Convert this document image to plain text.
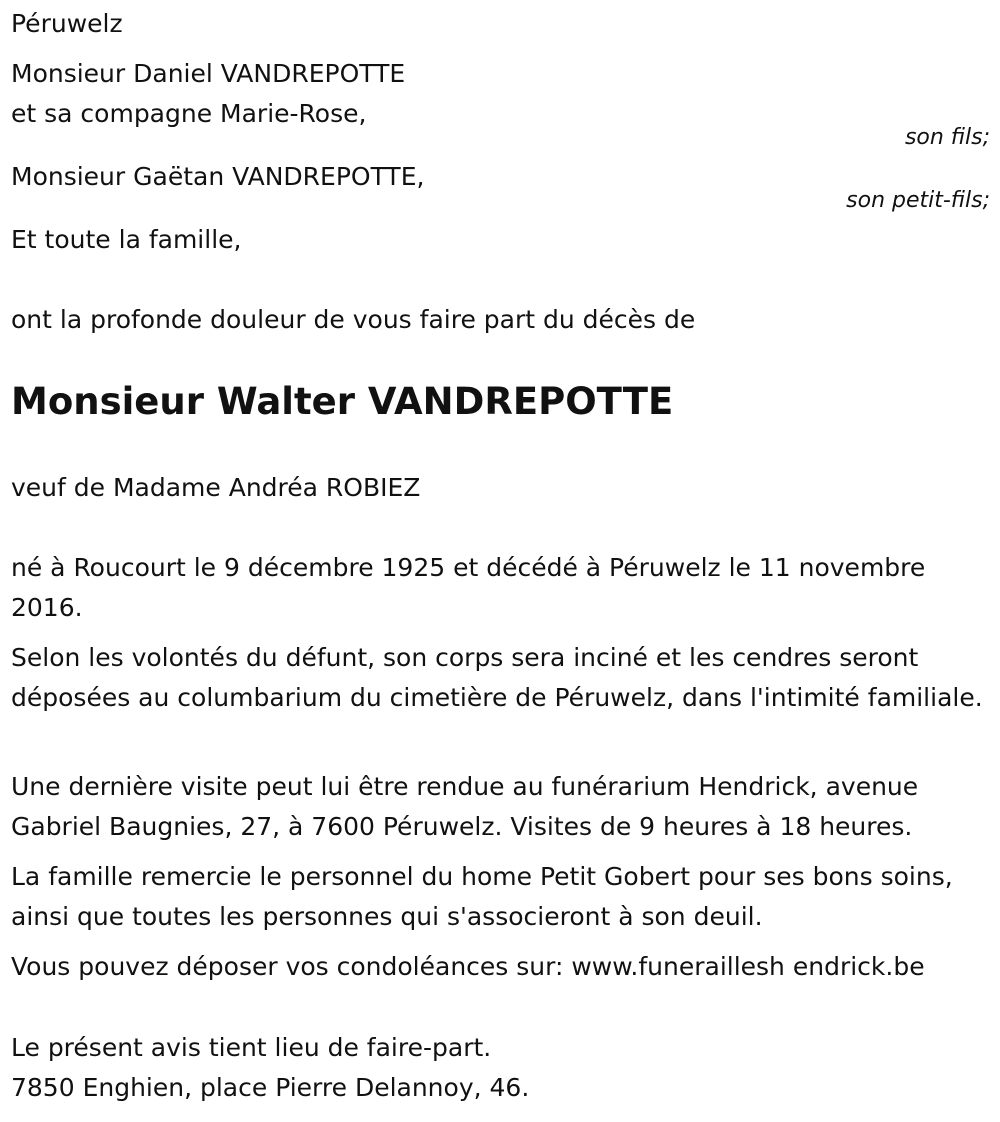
Péruwelz

Monsieur Daniel VANDREPOTTE

et sa compagne Marie-Rose,

son fils;

Monsieur Gaëtan VANDREPOTTE,

son petit-fils;

Et toute la famille,

ont la profonde douleur de vous faire part du décès de

Monsieur Walter VANDREPOTTE

veuf de Madame Andréa ROBIEZ

né à Roucourt le 9 décembre 1925 et décédé à Péruwelz le 11 novembre 2016.

Selon les volontés du défunt, son corps sera inciné et les cendres seront déposées au columbarium du cimetière de Péruwelz, dans l'intimité familiale.

Une dernière visite peut lui être rendue au funérarium Hendrick, avenue Gabriel Baugnies, 27, à 7600 Péruwelz. Visites de 9 heures à 18 heures.

La famille remercie le personnel du home Petit Gobert pour ses bons soins, ainsi que toutes les personnes qui s'associeront à son deuil.

Vous pouvez déposer vos condoléances sur: www.funeraillesh endrick.be

Le présent avis tient lieu de faire-part.

7850 Enghien, place Pierre Delannoy, 46.
